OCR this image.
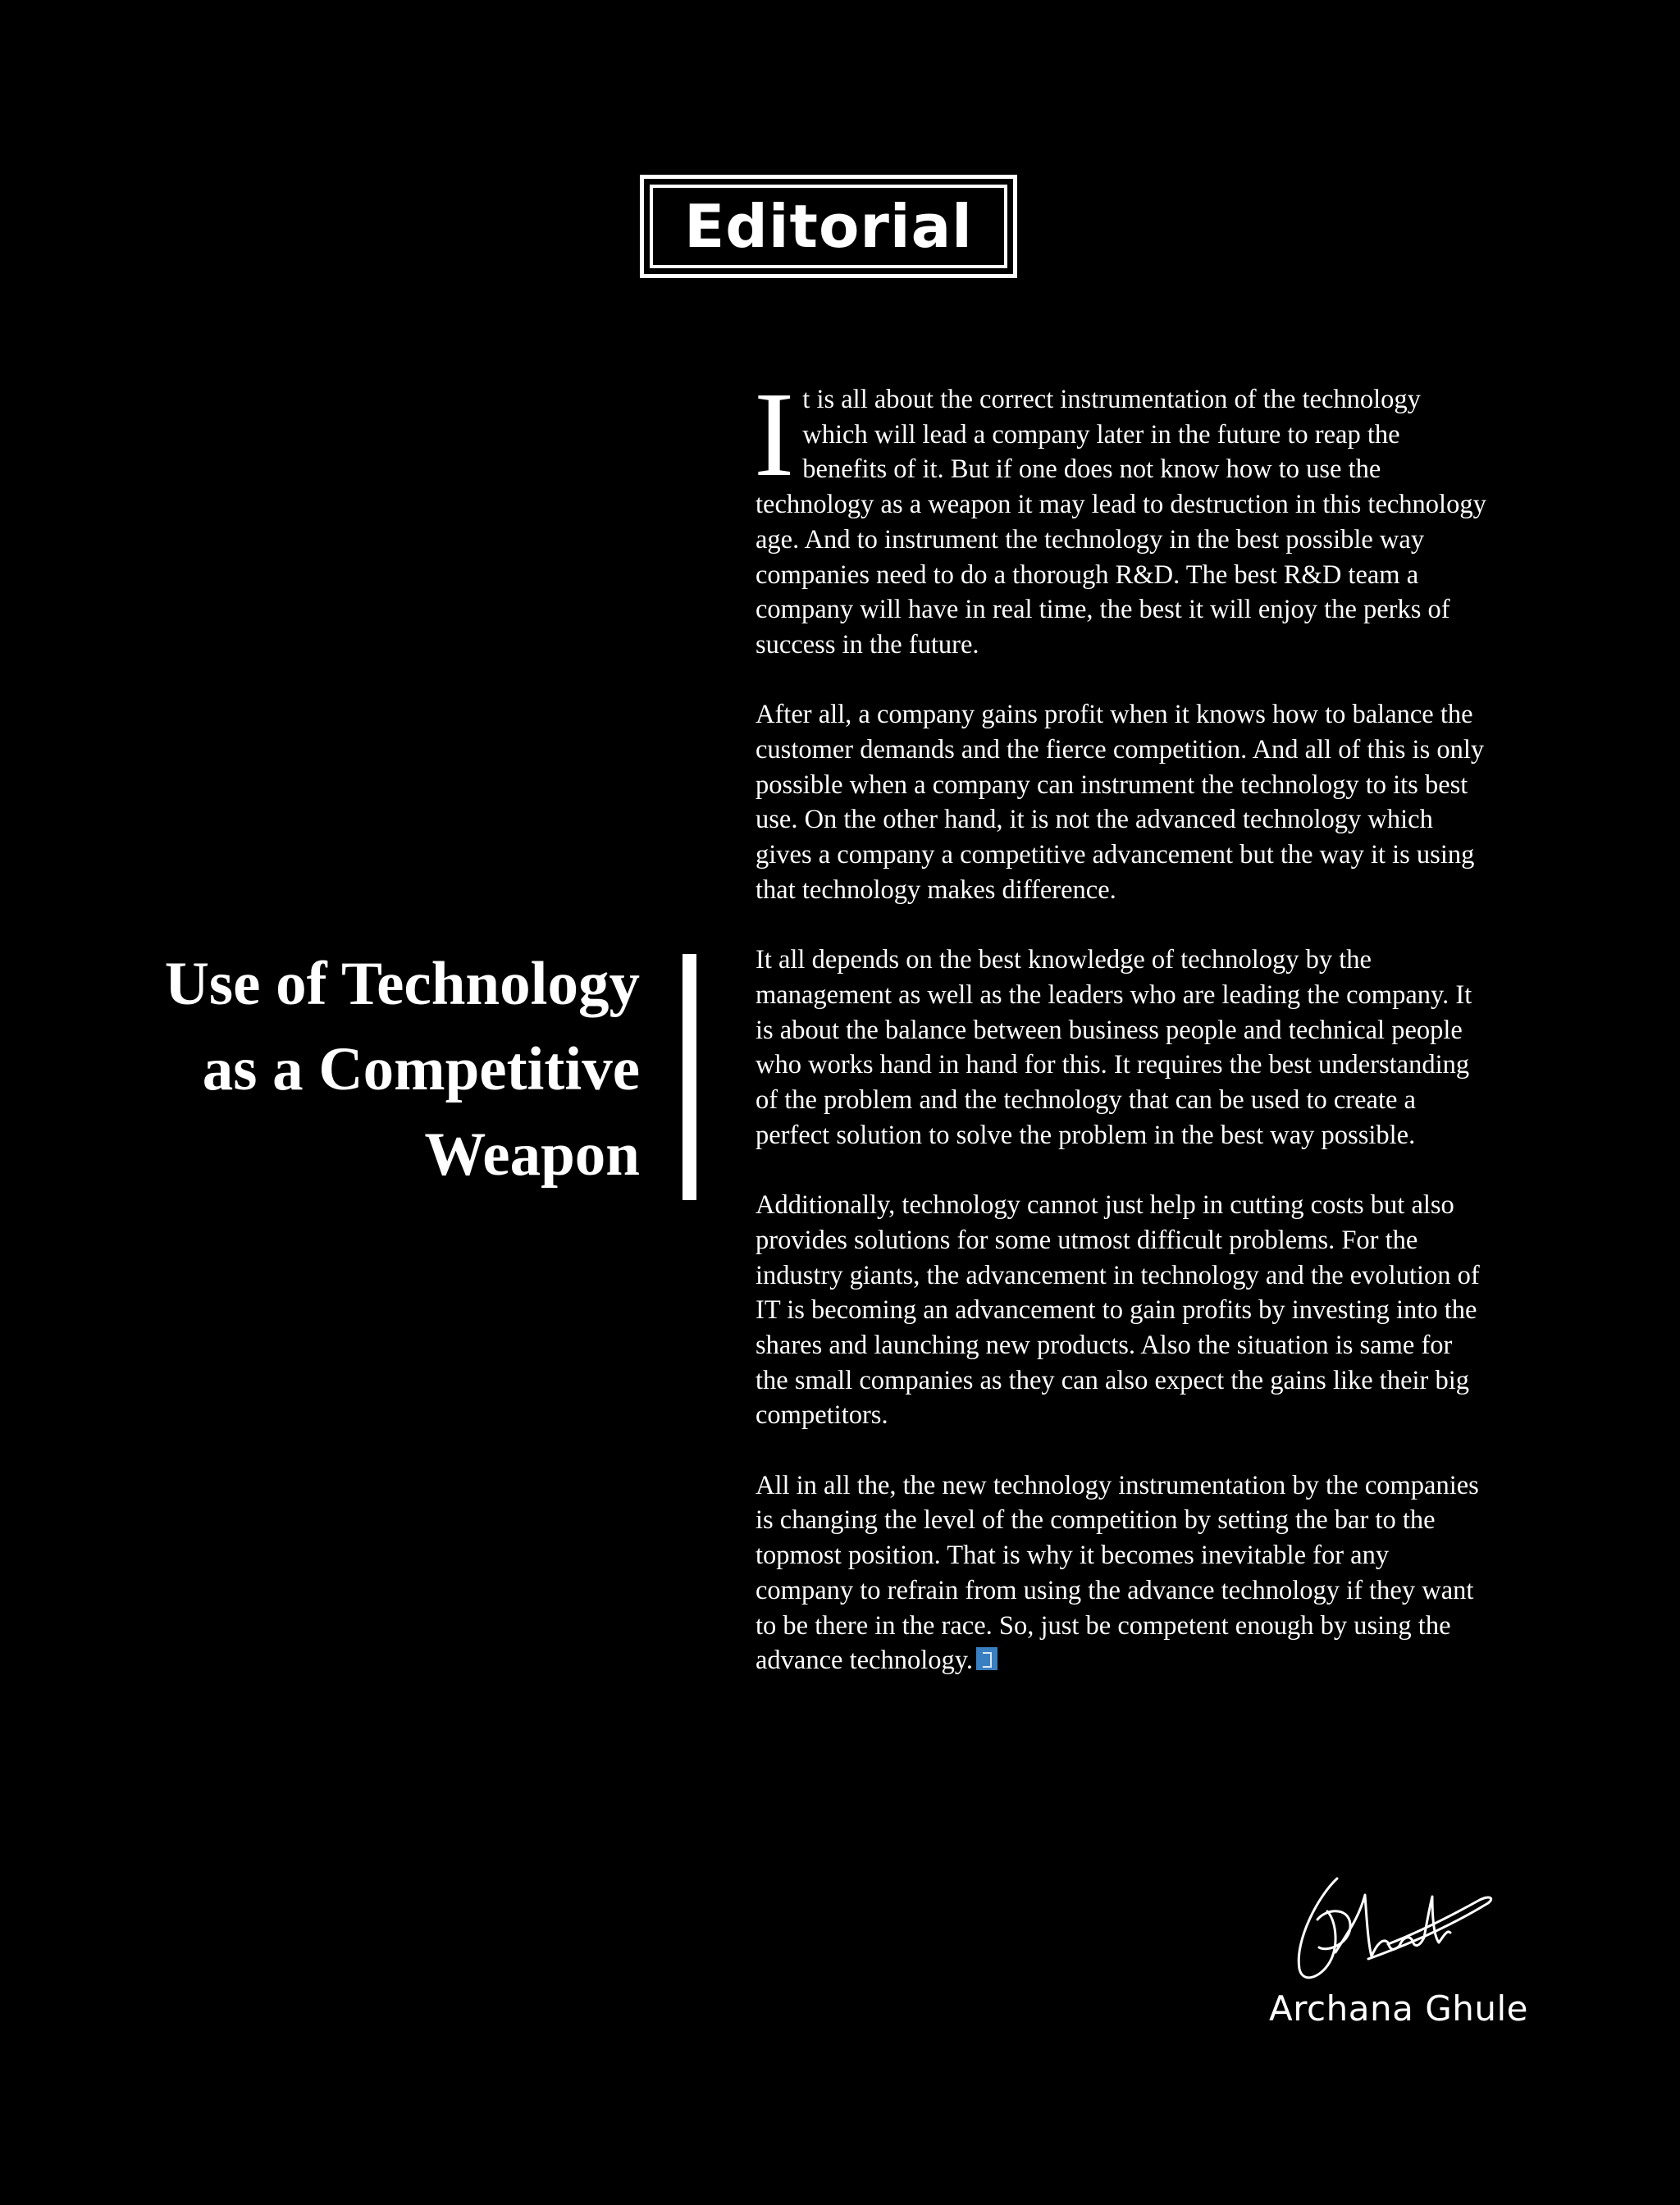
Editorial
Use of Technology
as a Competitive
Weapon

It is all about the correct instrumentation of the technology which will lead a company later in the future to reap the benefits of it. But if one does not know how to use the technology as a weapon it may lead to destruction in this technology age. And to instrument the technology in the best possible way companies need to do a thorough R&D. The best R&D team a company will have in real time, the best it will enjoy the perks of success in the future.

After all, a company gains profit when it knows how to balance the customer demands and the fierce competition. And all of this is only possible when a company can instrument the technology to its best use. On the other hand, it is not the advanced technology which gives a company a competitive advancement but the way it is using that technology makes difference.

It all depends on the best knowledge of technology by the management as well as the leaders who are leading the company. It is about the balance between business people and technical people who works hand in hand for this. It requires the best understanding of the problem and the technology that can be used to create a perfect solution to solve the problem in the best way possible.

Additionally, technology cannot just help in cutting costs but also provides solutions for some utmost difficult problems. For the industry giants, the advancement in technology and the evolution of IT is becoming an advancement to gain profits by investing into the shares and launching new products. Also the situation is same for the small companies as they can also expect the gains like their big competitors.

All in all the, the new technology instrumentation by the companies is changing the level of the competition by setting the bar to the topmost position. That is why it becomes inevitable for any company to refrain from using the advance technology if they want to be there in the race. So, just be competent enough by using the advance technology.

Archana Ghule
